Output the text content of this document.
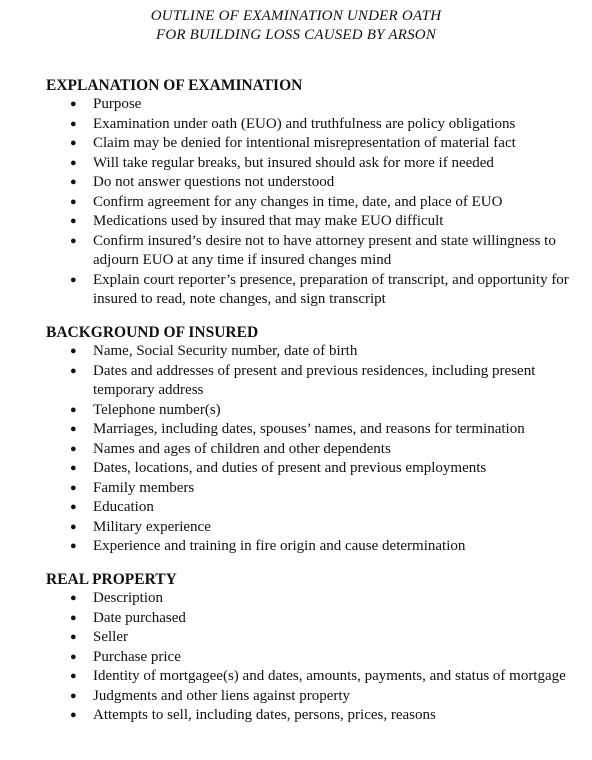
OUTLINE OF EXAMINATION UNDER OATH
FOR BUILDING LOSS CAUSED BY ARSON
EXPLANATION OF EXAMINATION
● Purpose
● Examination under oath (EUO) and truthfulness are policy obligations
● Claim may be denied for intentional misrepresentation of material fact
● Will take regular breaks, but insured should ask for more if needed
● Do not answer questions not understood
● Confirm agreement for any changes in time, date, and place of EUO
● Medications used by insured that may make EUO difficult
● Confirm insured’s desire not to have attorney present and state willingness to adjourn EUO at any time if insured changes mind
● Explain court reporter’s presence, preparation of transcript, and opportunity for insured to read, note changes, and sign transcript
BACKGROUND OF INSURED
● Name, Social Security number, date of birth
● Dates and addresses of present and previous residences, including present temporary address
● Telephone number(s)
● Marriages, including dates, spouses’ names, and reasons for termination
● Names and ages of children and other dependents
● Dates, locations, and duties of present and previous employments
● Family members
● Education
● Military experience
● Experience and training in fire origin and cause determination
REAL PROPERTY
● Description
● Date purchased
● Seller
● Purchase price
● Identity of mortgagee(s) and dates, amounts, payments, and status of mortgage
● Judgments and other liens against property
● Attempts to sell, including dates, persons, prices, reasons
